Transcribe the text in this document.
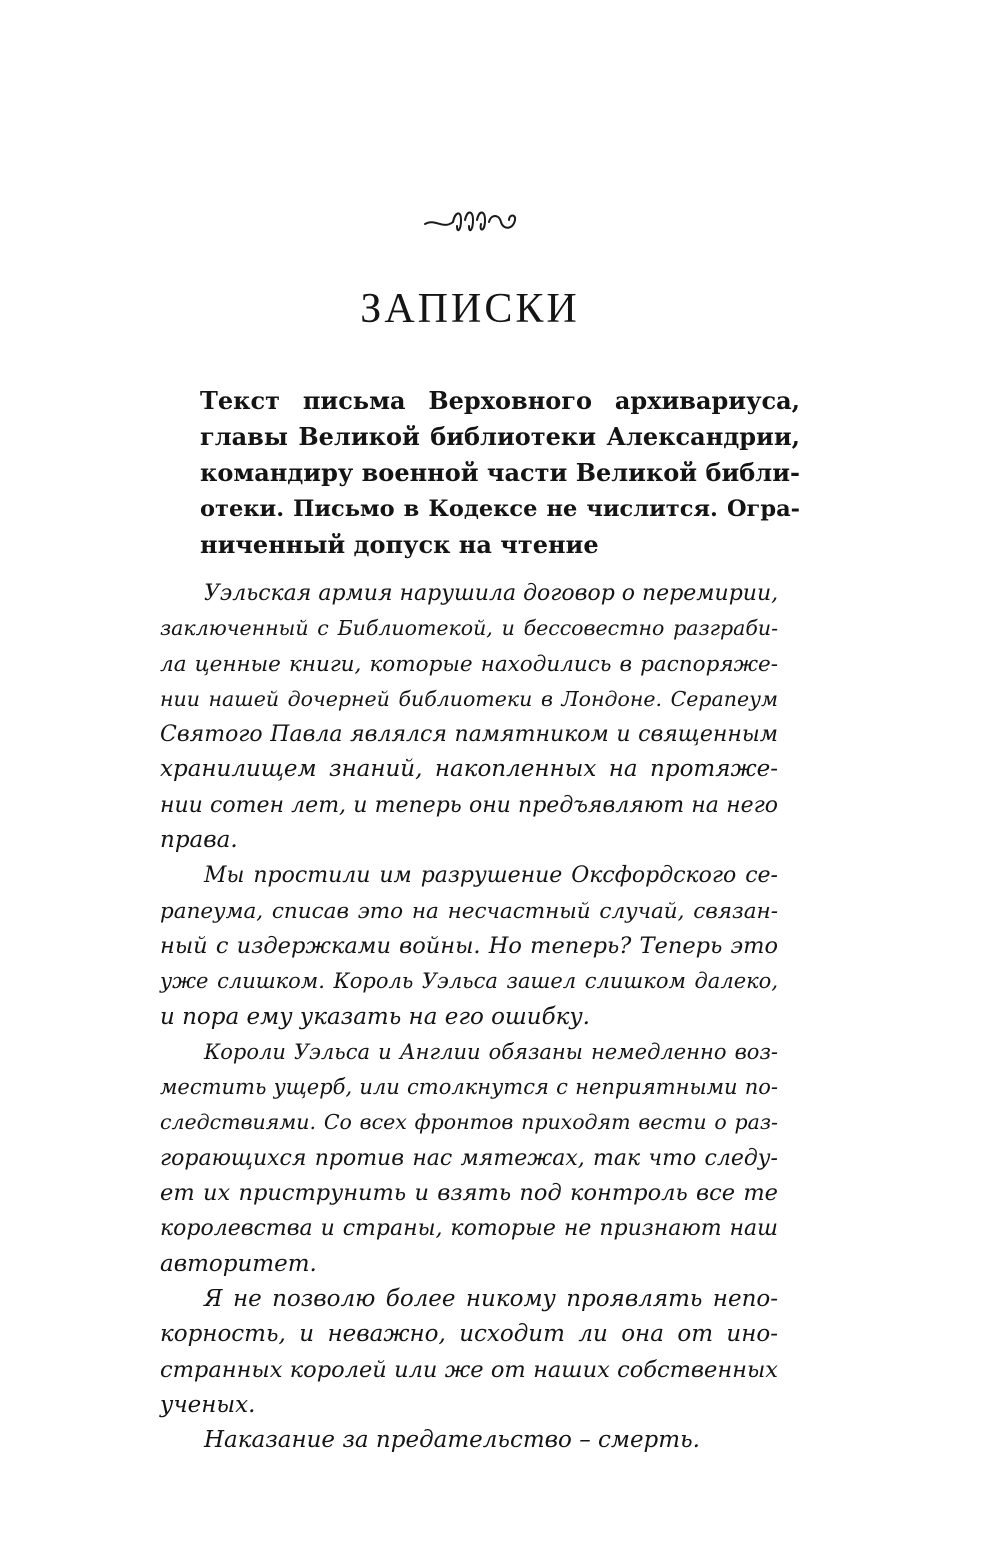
ЗАПИСКИ
Текст письма Верховного архивариуса,
главы Великой библиотеки Александрии,
командиру военной части Великой библи-
отеки. Письмо в Кодексе не числится. Огра-
ниченный допуск на чтение
Уэльская армия нарушила договор о перемирии,
заключенный с Библиотекой, и бессовестно разграби-
ла ценные книги, которые находились в распоряже-
нии нашей дочерней библиотеки в Лондоне. Серапеум
Святого Павла являлся памятником и священным
хранилищем знаний, накопленных на протяже-
нии сотен лет, и теперь они предъявляют на него
права.
Мы простили им разрушение Оксфордского се-
рапеума, списав это на несчастный случай, связан-
ный с издержками войны. Но теперь? Теперь это
уже слишком. Король Уэльса зашел слишком далеко,
и пора ему указать на его ошибку.
Короли Уэльса и Англии обязаны немедленно воз-
местить ущерб, или столкнутся с неприятными по-
следствиями. Со всех фронтов приходят вести о раз-
горающихся против нас мятежах, так что следу-
ет их приструнить и взять под контроль все те
королевства и страны, которые не признают наш
авторитет.
Я не позволю более никому проявлять непо-
корность, и неважно, исходит ли она от ино-
странных королей или же от наших собственных
ученых.
Наказание за предательство – смерть.
